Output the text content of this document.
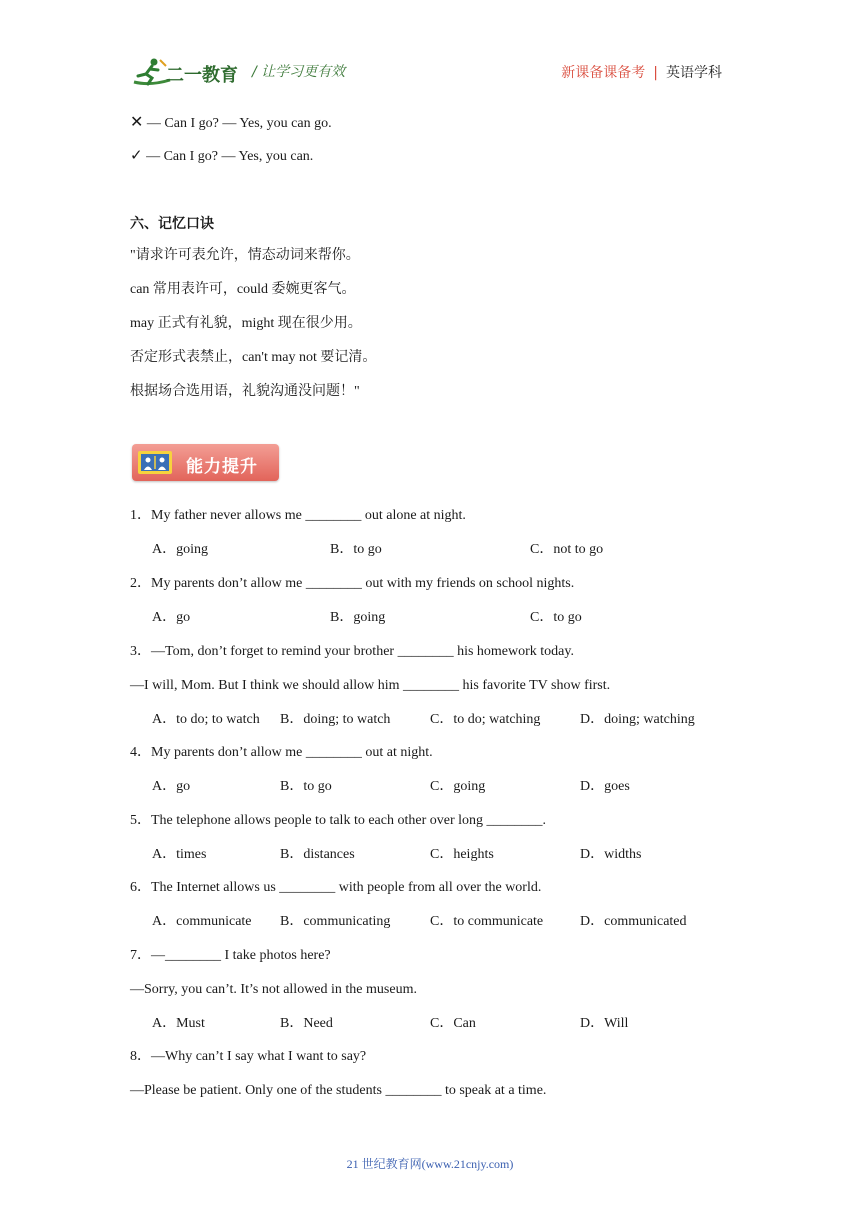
二一教育 / 让学习更有效	新课备课备考 | 英语学科
✕ — Can I go? — Yes, you can go.
✓ — Can I go? — Yes, you can.
六、记忆口诀
"请求许可表允许，情态动词来帮你。
can 常用表许可，could 委婉更客气。
may 正式有礼貌，might 现在很少用。
否定形式表禁止，can't may not 要记清。
根据场合选用语，礼貌沟通没问题！"
能力提升
1．My father never allows me ________ out alone at night.
A．going	B．to go	C．not to go
2．My parents don’t allow me ________ out with my friends on school nights.
A．go	B．going	C．to go
3．—Tom, don’t forget to remind your brother ________ his homework today.
—I will, Mom. But I think we should allow him ________ his favorite TV show first.
A．to do; to watch B．doing; to watch	C．to do; watching	D．doing; watching
4．My parents don’t allow me ________ out at night.
A．go	B．to go	C．going	D．goes
5．The telephone allows people to talk to each other over long ________.
A．times	B．distances	C．heights	D．widths
6．The Internet allows us ________ with people from all over the world.
A．communicate B．communicating	C．to communicate	D．communicated
7．—________ I take photos here?
—Sorry, you can’t. It’s not allowed in the museum.
A．Must	B．Need	C．Can	D．Will
8．—Why can’t I say what I want to say?
—Please be patient. Only one of the students ________ to speak at a time.
21 世纪教育网(www.21cnjy.com)
